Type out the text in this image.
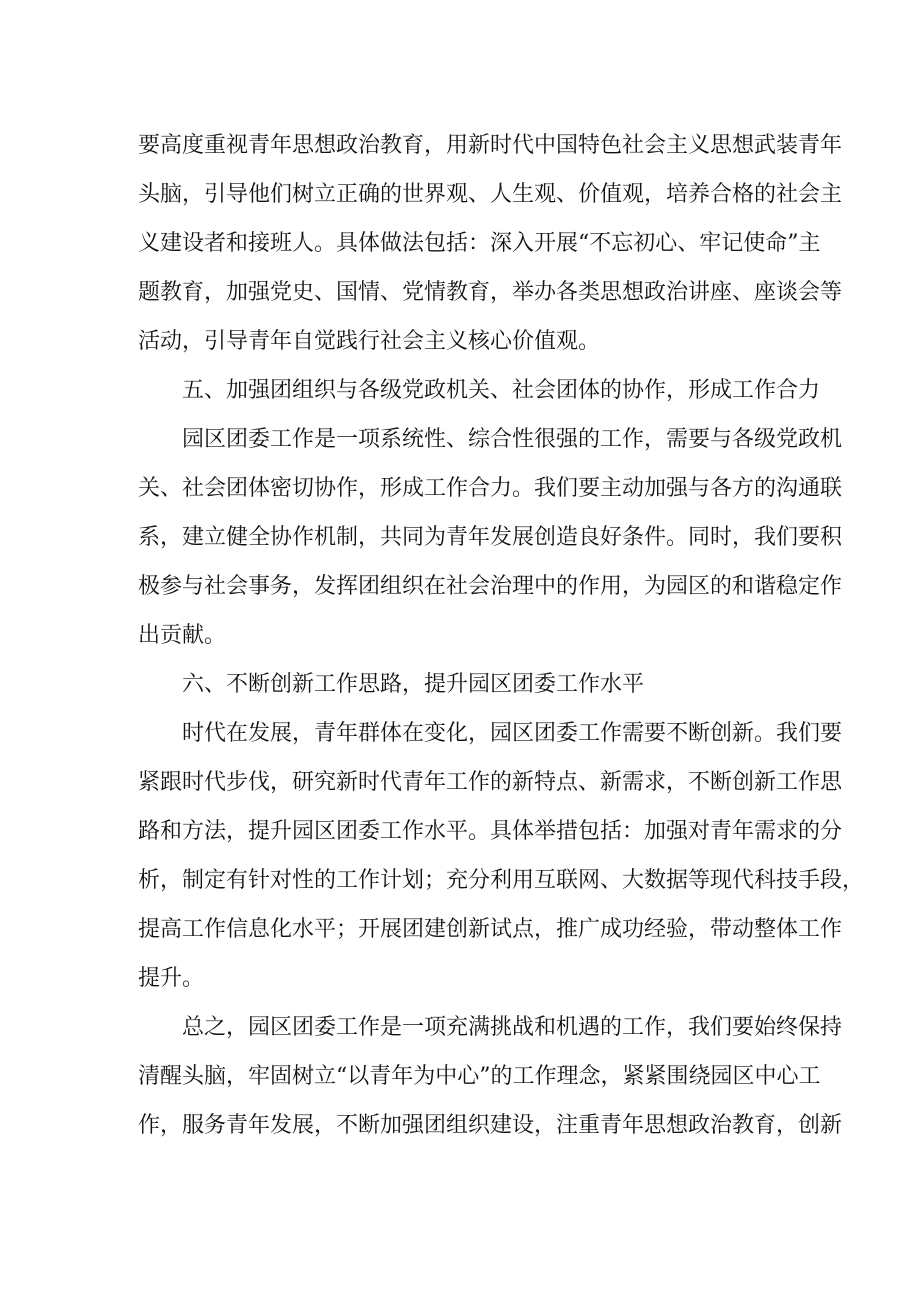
要高度重视青年思想政治教育，用新时代中国特色社会主义思想武装青年
头脑，引导他们树立正确的世界观、人生观、价值观，培养合格的社会主
义建设者和接班人。具体做法包括：深入开展“不忘初心、牢记使命”主
题教育，加强党史、国情、党情教育，举办各类思想政治讲座、座谈会等
活动，引导青年自觉践行社会主义核心价值观。
五、加强团组织与各级党政机关、社会团体的协作，形成工作合力
园区团委工作是一项系统性、综合性很强的工作，需要与各级党政机
关、社会团体密切协作，形成工作合力。我们要主动加强与各方的沟通联
系，建立健全协作机制，共同为青年发展创造良好条件。同时，我们要积
极参与社会事务，发挥团组织在社会治理中的作用，为园区的和谐稳定作
出贡献。
六、不断创新工作思路，提升园区团委工作水平
时代在发展，青年群体在变化，园区团委工作需要不断创新。我们要
紧跟时代步伐，研究新时代青年工作的新特点、新需求，不断创新工作思
路和方法，提升园区团委工作水平。具体举措包括：加强对青年需求的分
析，制定有针对性的工作计划；充分利用互联网、大数据等现代科技手段，
提高工作信息化水平；开展团建创新试点，推广成功经验，带动整体工作
提升。
总之，园区团委工作是一项充满挑战和机遇的工作，我们要始终保持
清醒头脑，牢固树立“以青年为中心”的工作理念，紧紧围绕园区中心工
作，服务青年发展，不断加强团组织建设，注重青年思想政治教育，创新
